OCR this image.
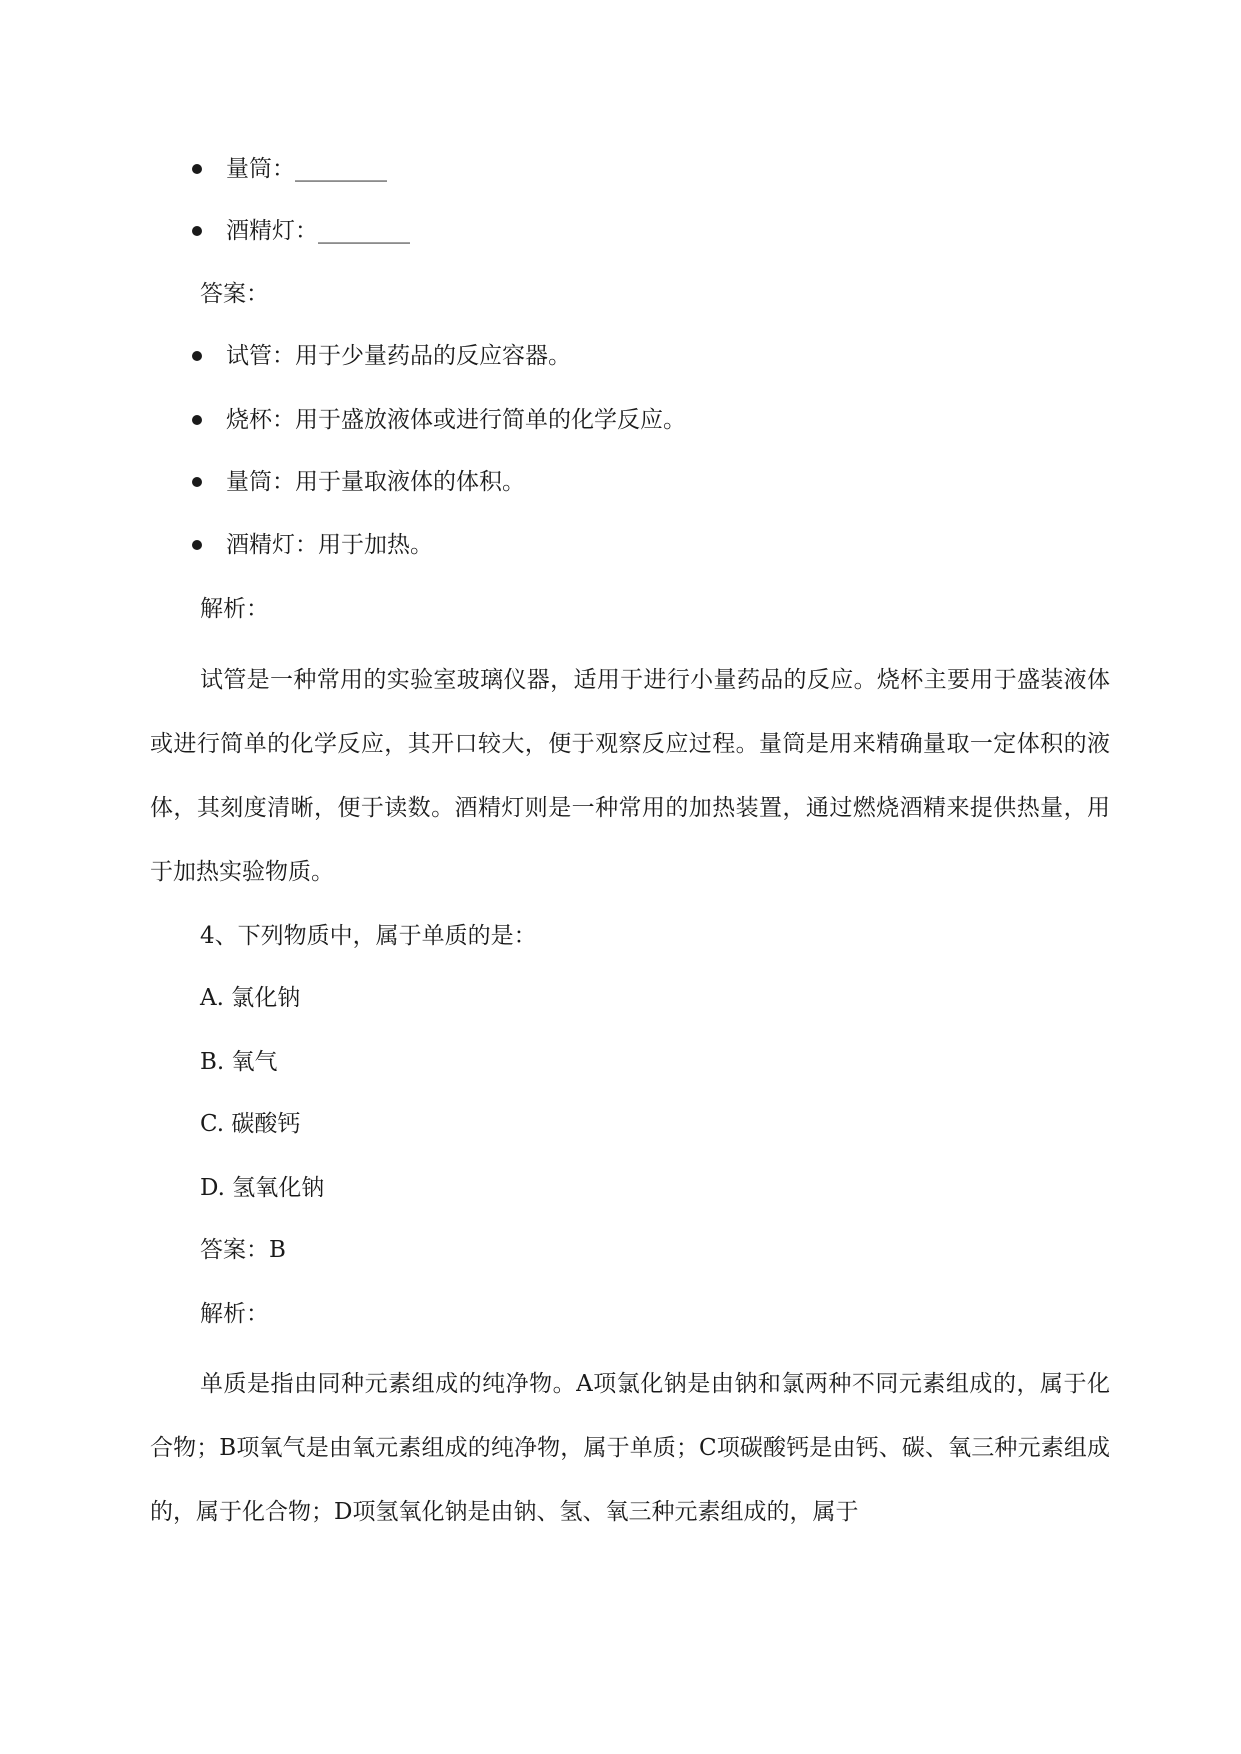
量筒：________
酒精灯：________
答案：
试管：用于少量药品的反应容器。
烧杯：用于盛放液体或进行简单的化学反应。
量筒：用于量取液体的体积。
酒精灯：用于加热。
解析：
试管是一种常用的实验室玻璃仪器，适用于进行小量药品的反应。烧杯主要用于盛装液体或进行简单的化学反应，其开口较大，便于观察反应过程。量筒是用来精确量取一定体积的液体，其刻度清晰，便于读数。酒精灯则是一种常用的加热装置，通过燃烧酒精来提供热量，用于加热实验物质。
4、下列物质中，属于单质的是：
A. 氯化钠
B. 氧气
C. 碳酸钙
D. 氢氧化钠
答案：B
解析：
单质是指由同种元素组成的纯净物。A项氯化钠是由钠和氯两种不同元素组成的，属于化合物；B项氧气是由氧元素组成的纯净物，属于单质；C项碳酸钙是由钙、碳、氧三种元素组成的，属于化合物；D项氢氧化钠是由钠、氢、氧三种元素组成的，属于
